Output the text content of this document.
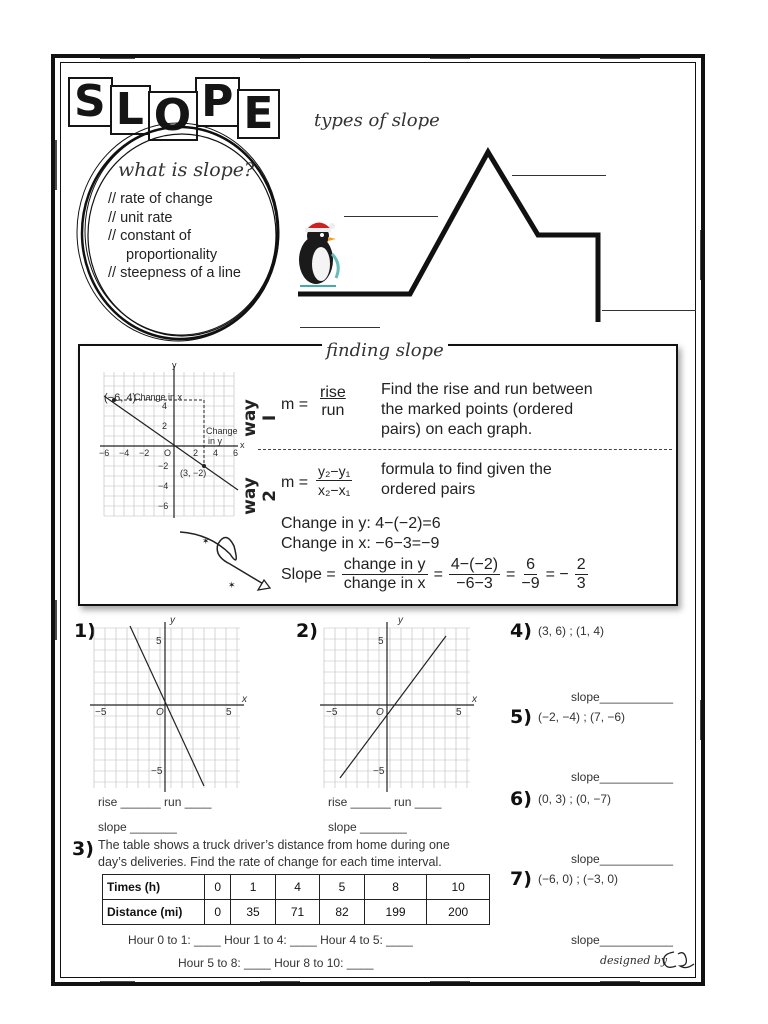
S L O P E
what is slope?
// rate of change
// unit rate
// constant of
proportionality
// steepness of a line
types of slope
finding slope
(−6, 4)
Change in x
Change
in y
(3, −2)
y
x
−6 −4 −2 O 2 4 6
4
2
−2
−4
−6
✶
✶
way I
$m = \frac{\text{rise}}{\text{run}}$ Find the rise and run between
the marked points (ordered
pairs) on each graph.
way 2
$m = \frac{\text{y₂−y₁}}{\text{x₂−x₁}}$ formula to find given the
ordered pairs
Change in y: 4−(−2)=6
Change in x: −6−3=−9
Slope = $\frac{\text{change in y}}{\text{change in x}} = \frac{4-(-2)}{-6-3} = \frac{6}{-9}$ = − $\frac{2}{3}$
1)
−5	5
O
5
−5
y
x
rise ______ run ____
slope _______
2)
−5	5
O
5
−5
y
x
rise ______ run ____
slope _______
3) The table shows a truck driver’s distance from home during one
day’s deliveries. Find the rate of change for each time interval.
Times (h)	0	1	4	5	8	10
Distance (mi)	0	35	71	82	199	200
Hour 0 to 1: ____ Hour 1 to 4: ____ Hour 4 to 5: ____
Hour 5 to 8: ____ Hour 8 to 10: ____
4) (3, 6) ; (1, 4)
slope___________
5) (−2, −4) ; (7, −6)
slope___________
6) (0, 3) ; (0, −7)
slope___________
7) (−6, 0) ; (−3, 0)
slope___________
designed by
